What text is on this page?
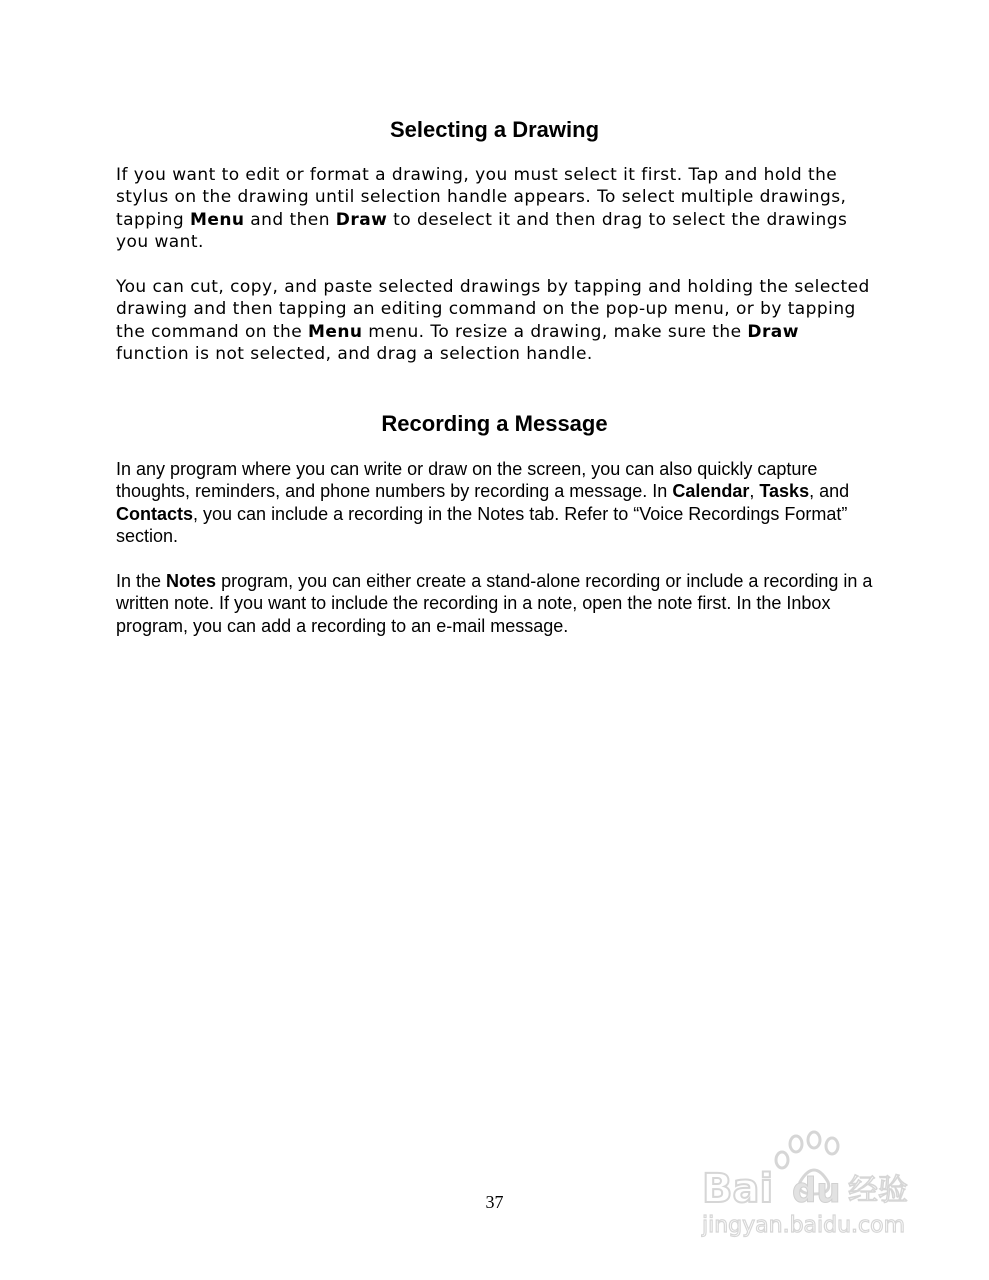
Selecting a Drawing

If you want to edit or format a drawing, you must select it first. Tap and hold the stylus on the drawing until selection handle appears. To select multiple drawings, tapping Menu and then Draw to deselect it and then drag to select the drawings you want.

You can cut, copy, and paste selected drawings by tapping and holding the selected drawing and then tapping an editing command on the pop-up menu, or by tapping the command on the Menu menu. To resize a drawing, make sure the Draw function is not selected, and drag a selection handle.

Recording a Message

In any program where you can write or draw on the screen, you can also quickly capture thoughts, reminders, and phone numbers by recording a message. In Calendar, Tasks, and Contacts, you can include a recording in the Notes tab. Refer to “Voice Recordings Format” section.

In the Notes program, you can either create a stand-alone recording or include a recording in a written note. If you want to include the recording in a note, open the note first. In the Inbox program, you can add a recording to an e-mail message.

37	Bai du 经验
jingyan.baidu.com
